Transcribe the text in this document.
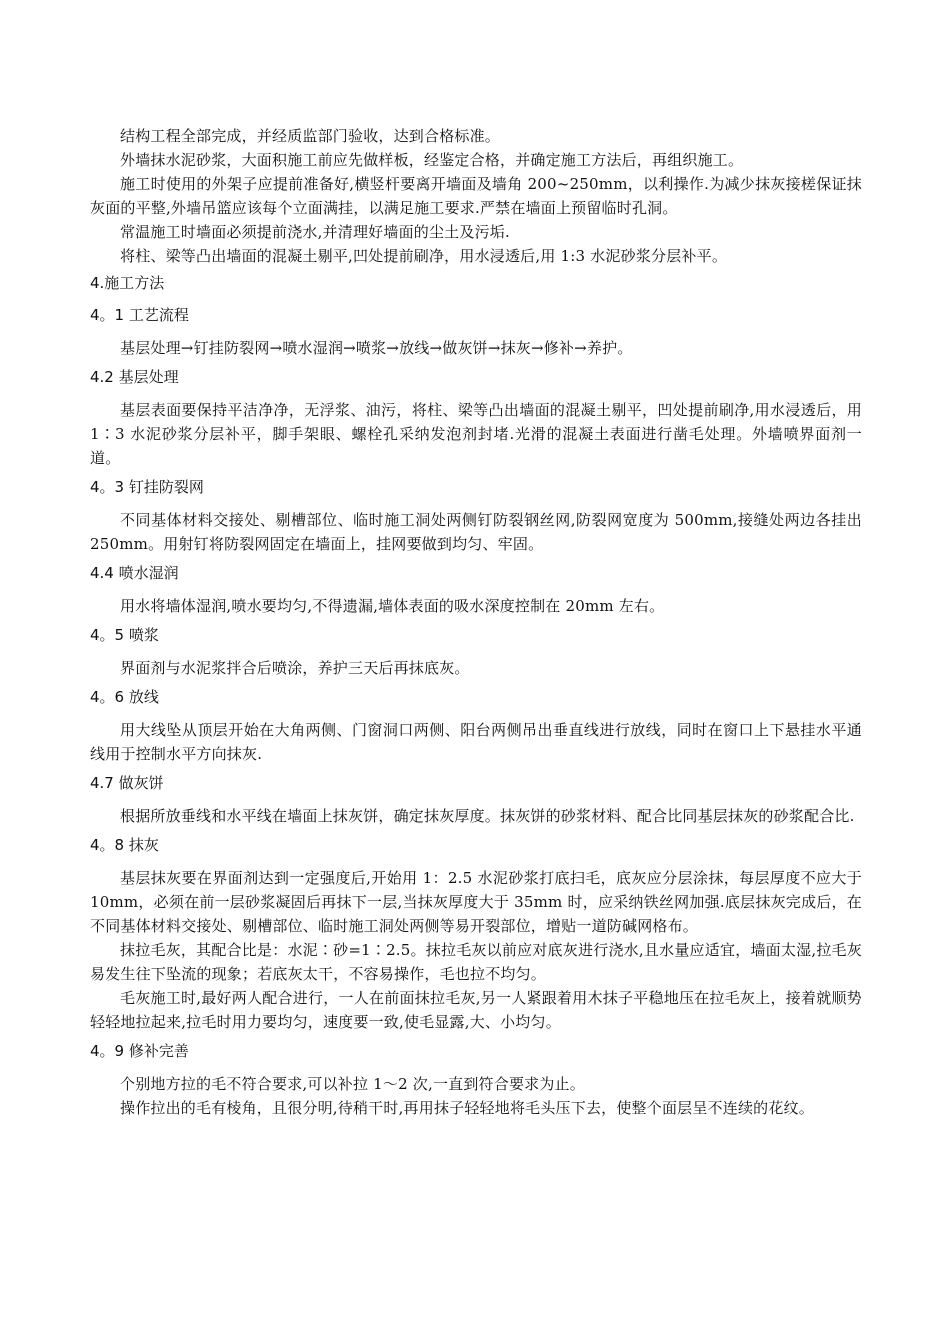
结构工程全部完成，并经质监部门验收，达到合格标准。

外墙抹水泥砂浆，大面积施工前应先做样板，经鉴定合格，并确定施工方法后，再组织施工。

施工时使用的外架子应提前准备好,横竖杆要离开墙面及墙角 200~250mm，以利操作.为减少抹灰接槎保证抹灰面的平整,外墙吊篮应该每个立面满挂，以满足施工要求.严禁在墙面上预留临时孔洞。

常温施工时墙面必须提前浇水,并清理好墙面的尘土及污垢.

将柱、梁等凸出墙面的混凝土剔平,凹处提前刷净，用水浸透后,用 1:3 水泥砂浆分层补平。

4.施工方法
4。1 工艺流程

基层处理→钉挂防裂网→喷水湿润→喷浆→放线→做灰饼→抹灰→修补→养护。

4.2 基层处理

基层表面要保持平洁净净，无浮浆、油污，将柱、梁等凸出墙面的混凝土剔平，凹处提前刷净,用水浸透后，用 1∶3 水泥砂浆分层补平，脚手架眼、螺栓孔采纳发泡剂封堵.光滑的混凝土表面进行凿毛处理。外墙喷界面剂一道。

4。3 钉挂防裂网

不同基体材料交接处、剔槽部位、临时施工洞处两侧钉防裂钢丝网,防裂网宽度为 500mm,接缝处两边各挂出 250mm。用射钉将防裂网固定在墙面上，挂网要做到均匀、牢固。

4.4 喷水湿润

用水将墙体湿润,喷水要均匀,不得遗漏,墙体表面的吸水深度控制在 20mm 左右。

4。5 喷浆

界面剂与水泥浆拌合后喷涂，养护三天后再抹底灰。

4。6 放线

用大线坠从顶层开始在大角两侧、门窗洞口两侧、阳台两侧吊出垂直线进行放线，同时在窗口上下悬挂水平通线用于控制水平方向抹灰.

4.7 做灰饼

根据所放垂线和水平线在墙面上抹灰饼，确定抹灰厚度。抹灰饼的砂浆材料、配合比同基层抹灰的砂浆配合比.

4。8 抹灰

基层抹灰要在界面剂达到一定强度后,开始用 1：2.5 水泥砂浆打底扫毛，底灰应分层涂抹，每层厚度不应大于 10mm，必须在前一层砂浆凝固后再抹下一层,当抹灰厚度大于 35mm 时，应采纳铁丝网加强.底层抹灰完成后，在不同基体材料交接处、剔槽部位、临时施工洞处两侧等易开裂部位，增贴一道防碱网格布。

抹拉毛灰，其配合比是：水泥∶砂=1∶2.5。抹拉毛灰以前应对底灰进行浇水,且水量应适宜，墙面太湿,拉毛灰易发生往下坠流的现象；若底灰太干，不容易操作，毛也拉不均匀。

毛灰施工时,最好两人配合进行，一人在前面抹拉毛灰,另一人紧跟着用木抹子平稳地压在拉毛灰上，接着就顺势轻轻地拉起来,拉毛时用力要均匀，速度要一致,使毛显露,大、小均匀。

4。9 修补完善

个别地方拉的毛不符合要求,可以补拉 1～2 次,一直到符合要求为止。

操作拉出的毛有棱角，且很分明,待稍干时,再用抹子轻轻地将毛头压下去，使整个面层呈不连续的花纹。
